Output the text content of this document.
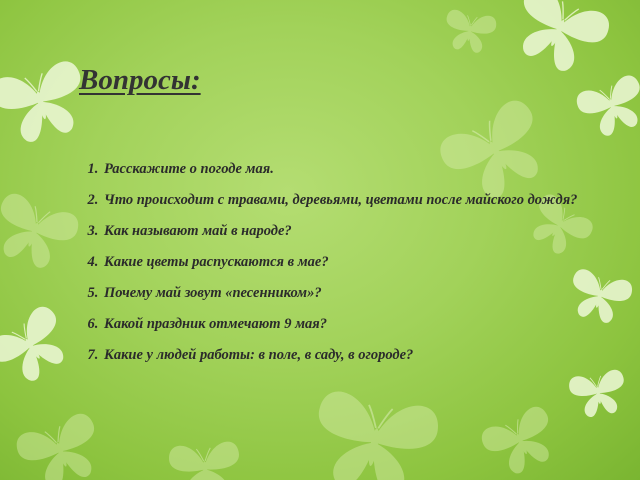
Вопросы:
1. Расскажите о погоде мая.
2. Что происходит с травами, деревьями, цветами после майского дождя?
3. Как называют май в народе?
4. Какие цветы распускаются в мае?
5. Почему май зовут «песенником»?
6. Какой праздник отмечают 9 мая?
7. Какие у людей работы: в поле, в саду, в огороде?
